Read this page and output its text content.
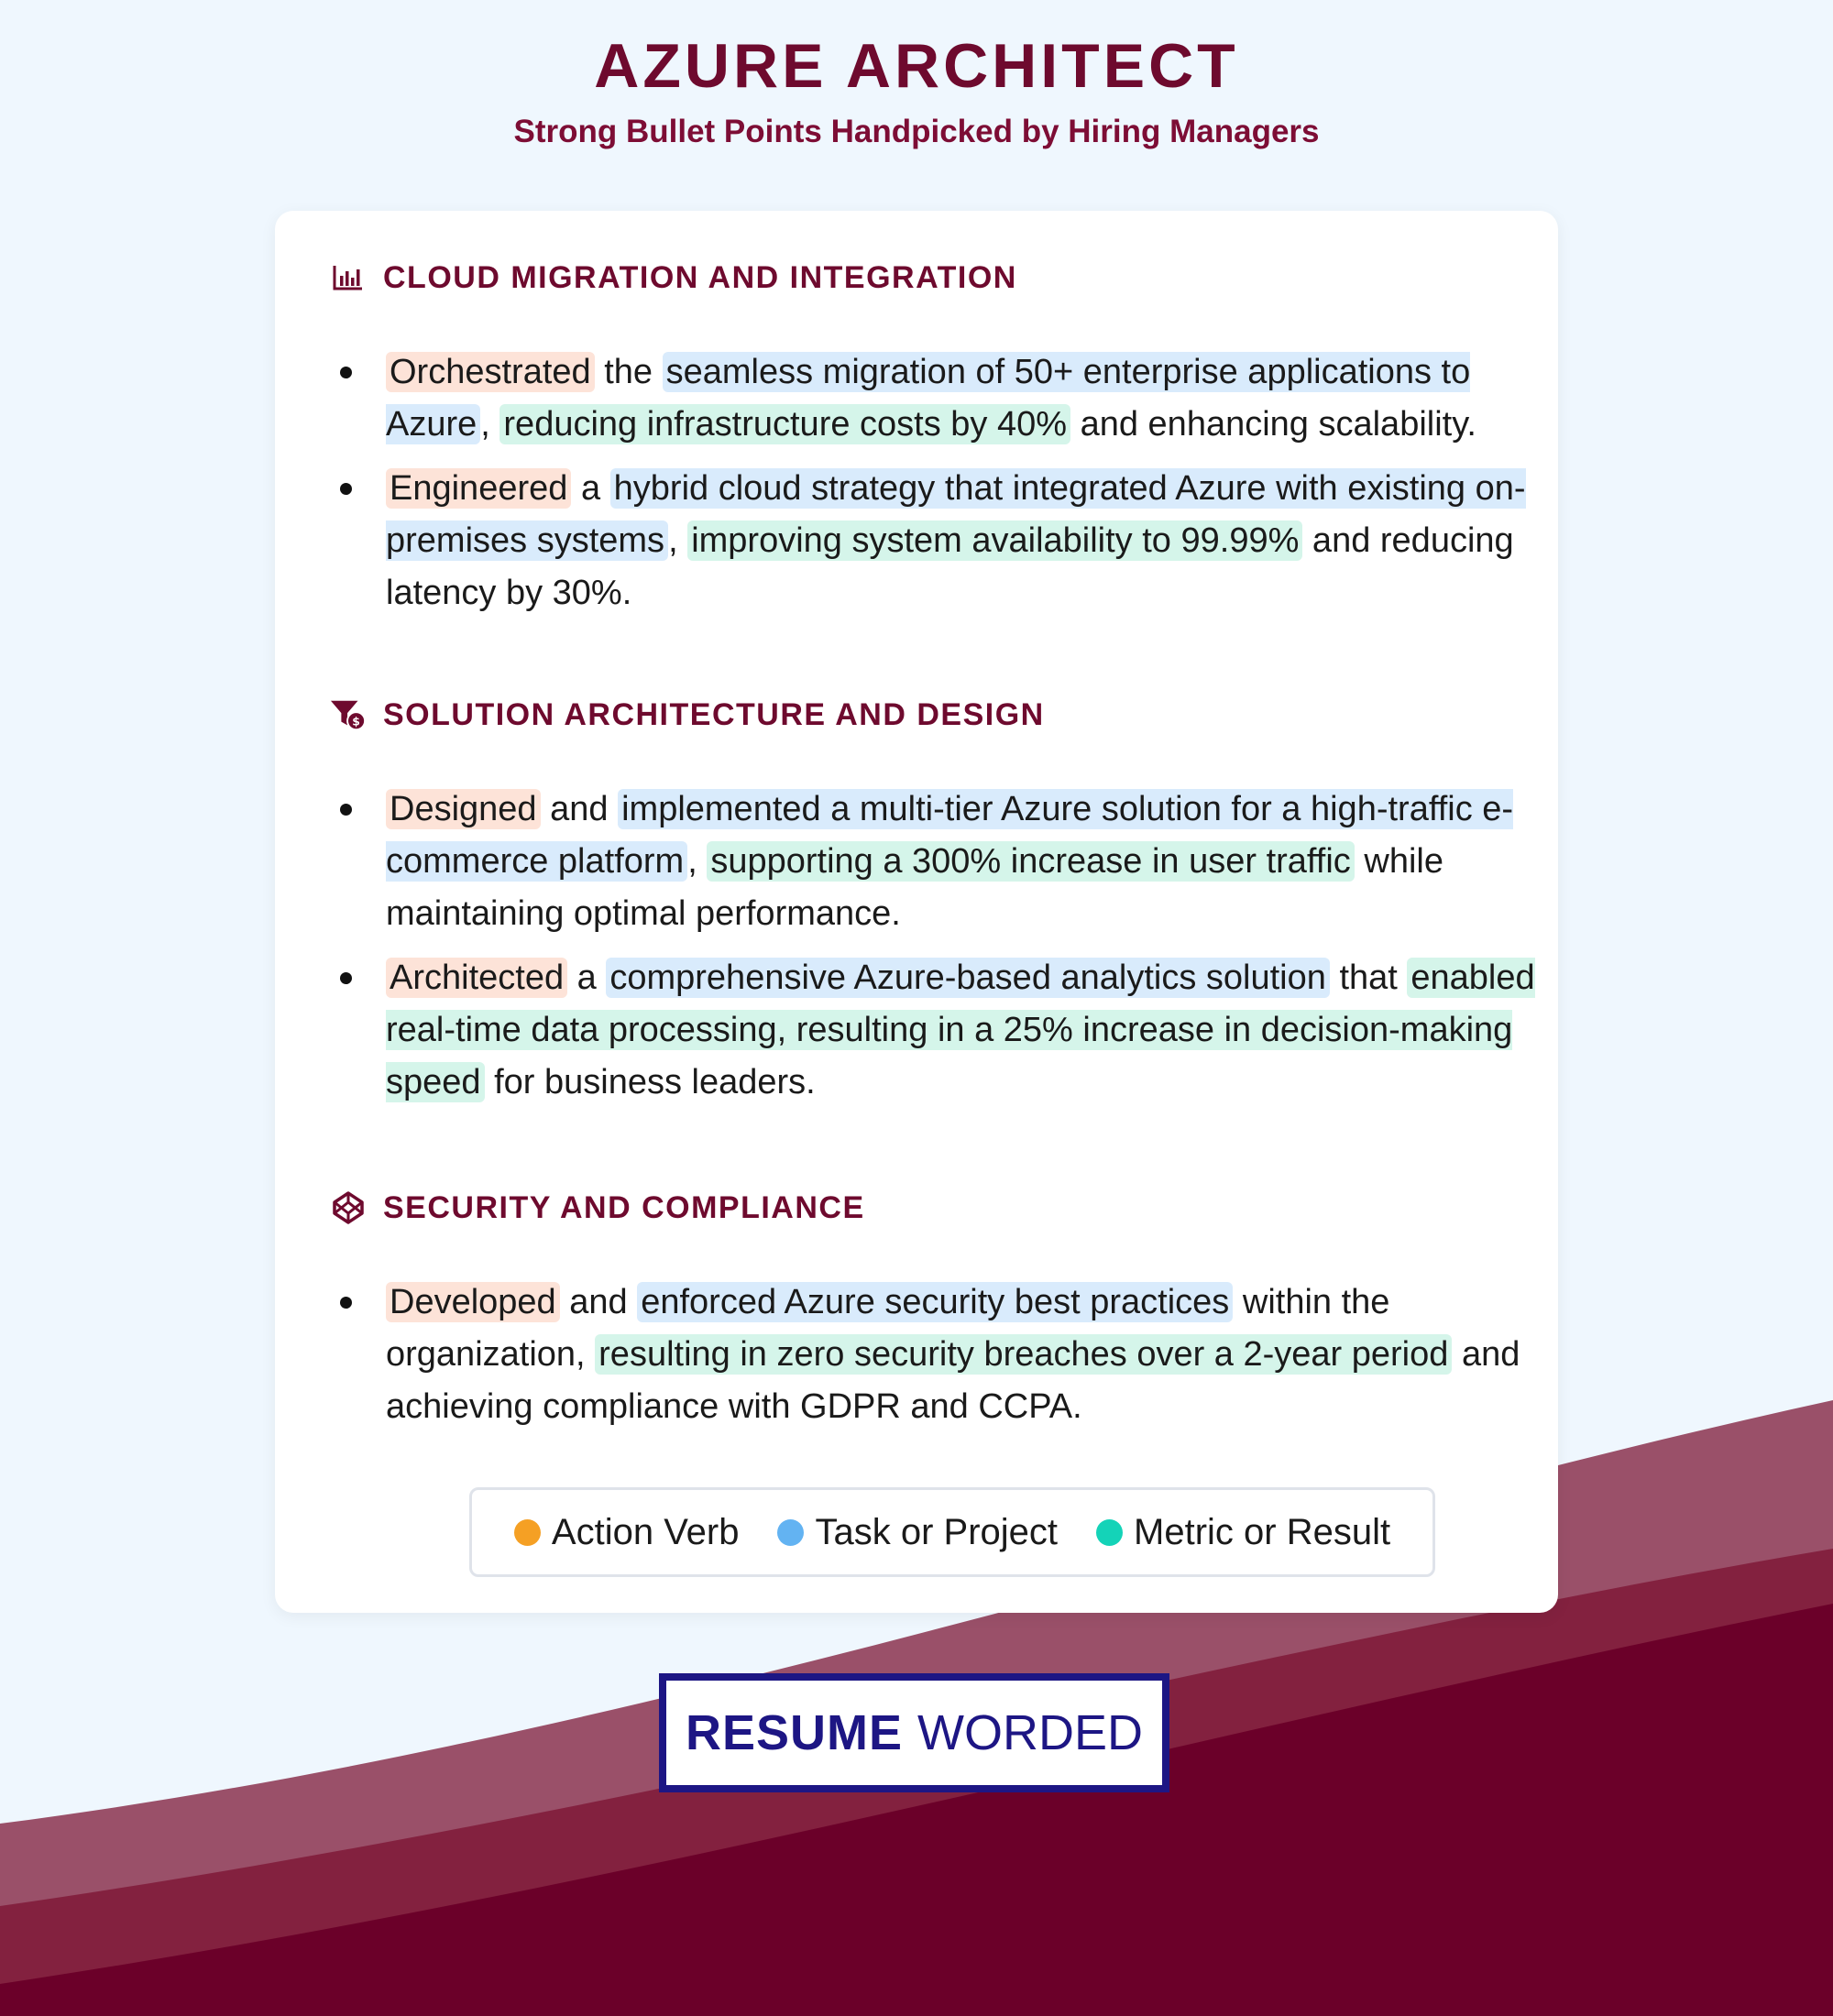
AZURE ARCHITECT
Strong Bullet Points Handpicked by Hiring Managers
CLOUD MIGRATION AND INTEGRATION
Orchestrated the seamless migration of 50+ enterprise applications to Azure , reducing infrastructure costs by 40% and enhancing scalability.
Engineered a hybrid cloud strategy that integrated Azure with existing on-premises systems , improving system availability to 99.99% and reducing latency by 30%.
$ SOLUTION ARCHITECTURE AND DESIGN
Designed and implemented a multi-tier Azure solution for a high-traffic e-commerce platform , supporting a 300% increase in user traffic while maintaining optimal performance.
Architected a comprehensive Azure-based analytics solution that enabled real-time data processing, resulting in a 25% increase in decision-making speed for business leaders.
SECURITY AND COMPLIANCE
Developed and enforced Azure security best practices within the organization, resulting in zero security breaches over a 2-year period and achieving compliance with GDPR and CCPA.
Action Verb Task or Project Metric or Result
RESUME WORDED
